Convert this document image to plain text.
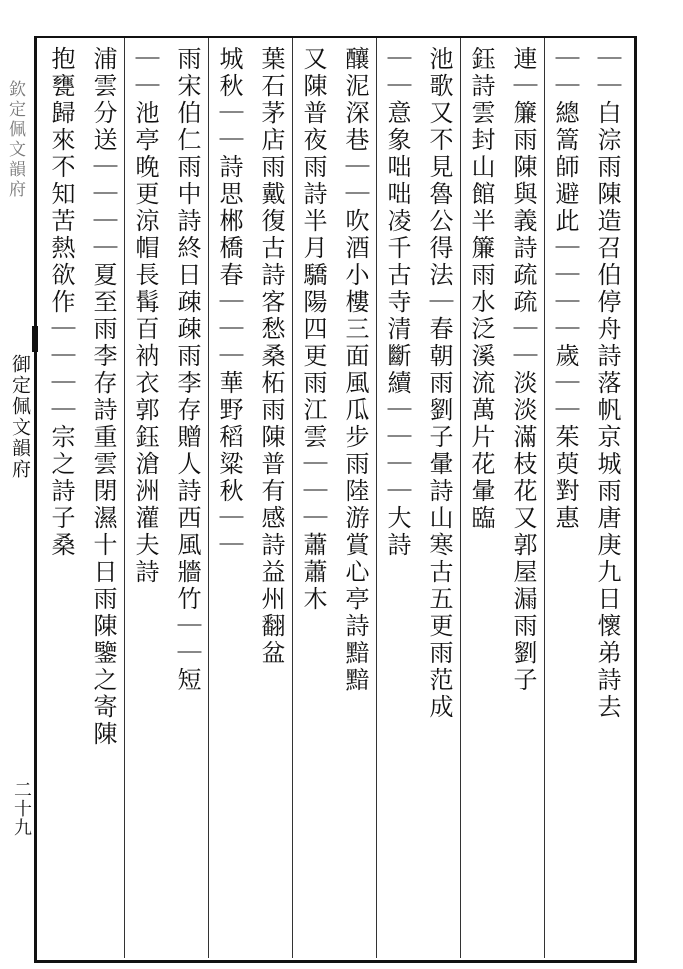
欽定佩文韻府
御定佩文韻府
二十九
｜｜白淙雨陳造召伯停舟詩落帆京城雨唐庚九日懷弟詩去
｜｜總篙師避此｜｜｜｜歲｜｜茱萸對惠
連｜簾雨陳與義詩疏疏｜｜淡淡滿枝花又郭屋漏雨劉子
鈺詩雲封山館半簾雨水泛溪流萬片花暈臨
池歌又不見魯公得法｜春朝雨劉子暈詩山寒古五更雨范成
｜｜意象咄咄凌千古寺清斷續｜｜｜｜大詩
釀泥深巷｜｜吹酒小樓三面風瓜步雨陸游賞心亭詩黯黯
又陳普夜雨詩半月驕陽四更雨江雲｜｜｜蕭蕭木
葉石茅店雨戴復古詩客愁桑柘雨陳普有感詩益州翻盆
城秋｜｜詩思郴橋春｜｜｜華野稻粱秋｜｜
雨宋伯仁雨中詩終日疎疎雨李存贈人詩西風牆竹｜｜短
｜｜池亭晚更涼帽長髯百衲衣郭鈺滄洲灌夫詩
浦雲分送｜｜｜｜夏至雨李存詩重雲閉濕十日雨陳鑒之寄陳
抱甕歸來不知苦熱欲作｜｜｜｜宗之詩子桑
